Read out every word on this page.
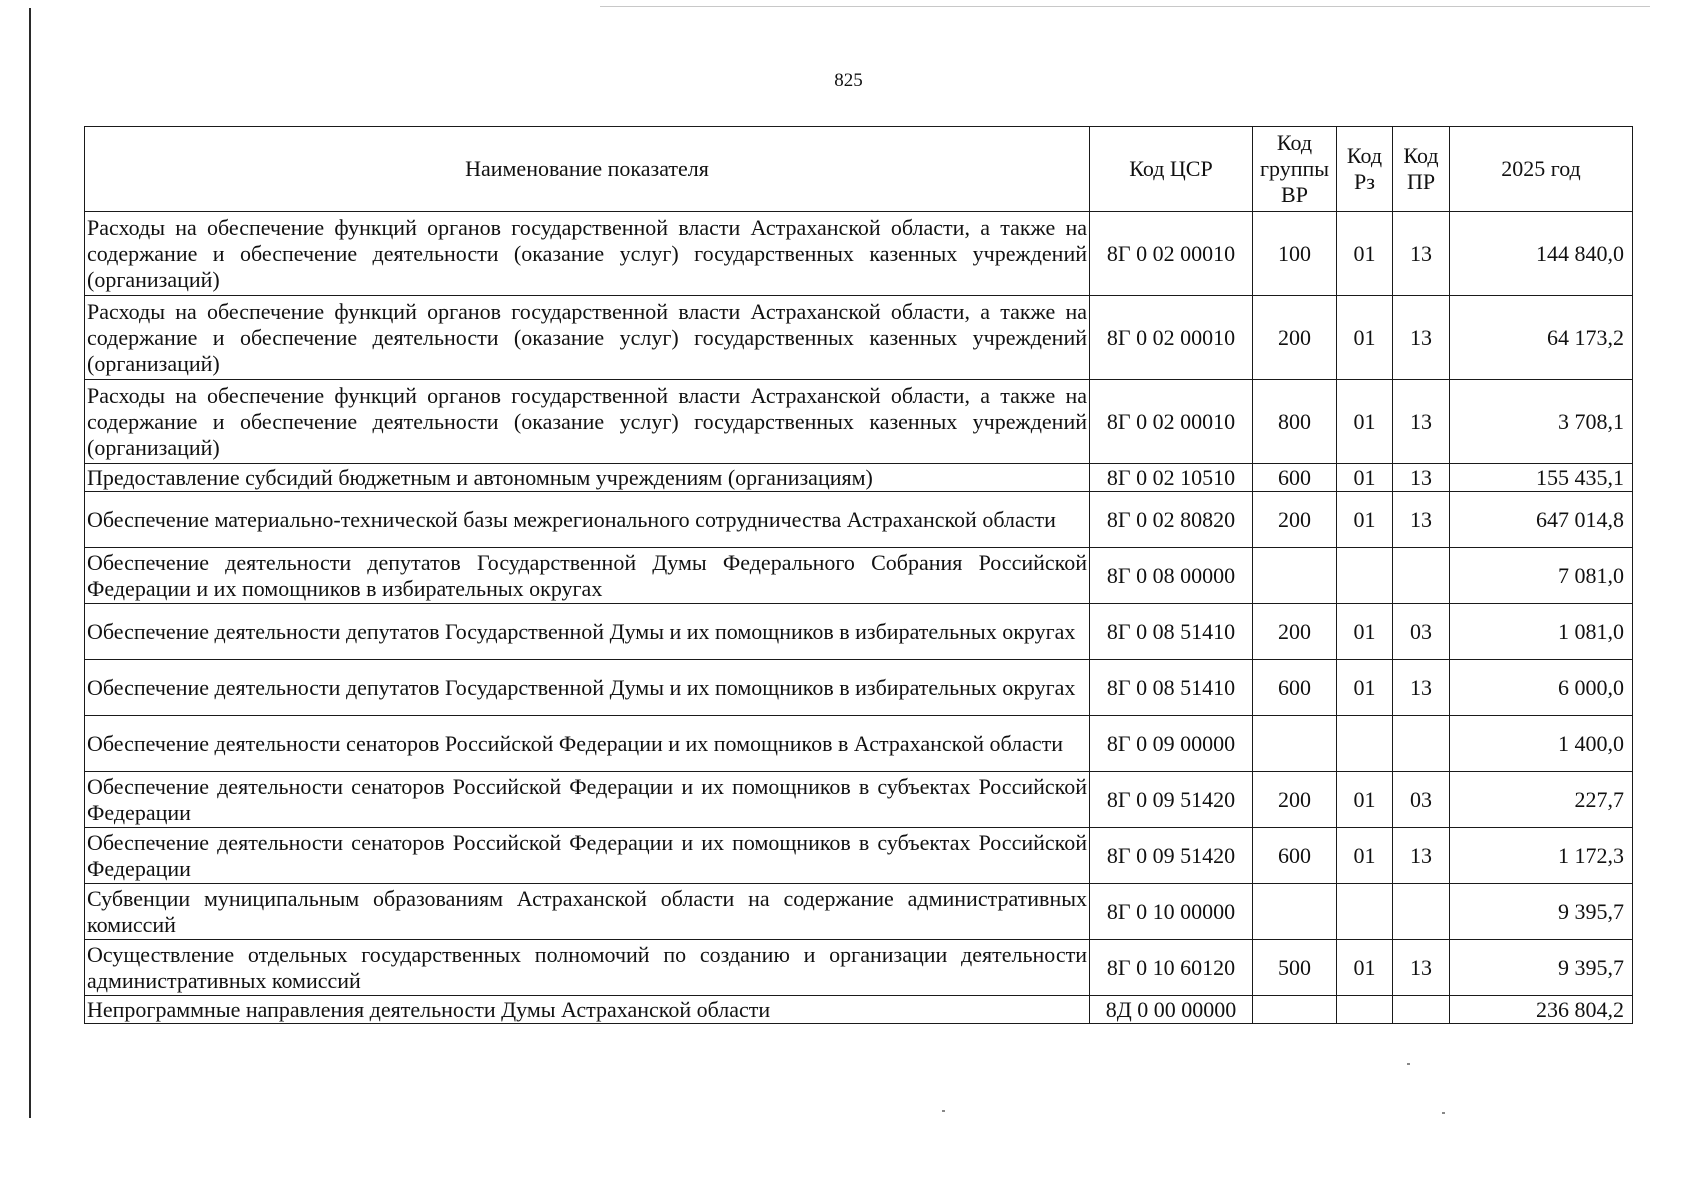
825
Наименование показателя	Код ЦСР	Код группы ВР	Код Рз	Код ПР	2025 год
Расходы на обеспечение функций органов государственной власти Астраханской области, а также на содержание и обеспечение деятельности (оказание услуг) государственных казенных учреждений (организаций)	8Г 0 02 00010	100	01	13	144 840,0
Расходы на обеспечение функций органов государственной власти Астраханской области, а также на содержание и обеспечение деятельности (оказание услуг) государственных казенных учреждений (организаций)	8Г 0 02 00010	200	01	13	64 173,2
Расходы на обеспечение функций органов государственной власти Астраханской области, а также на содержание и обеспечение деятельности (оказание услуг) государственных казенных учреждений (организаций)	8Г 0 02 00010	800	01	13	3 708,1
Предоставление субсидий бюджетным и автономным учреждениям (организациям)	8Г 0 02 10510	600	01	13	155 435,1
Обеспечение материально-технической базы межрегионального сотрудничества Астраханской области	8Г 0 02 80820	200	01	13	647 014,8
Обеспечение деятельности депутатов Государственной Думы Федерального Собрания Российской Федерации и их помощников в избирательных округах	8Г 0 08 00000				7 081,0
Обеспечение деятельности депутатов Государственной Думы и их помощников в избирательных округах	8Г 0 08 51410	200	01	03	1 081,0
Обеспечение деятельности депутатов Государственной Думы и их помощников в избирательных округах	8Г 0 08 51410	600	01	13	6 000,0
Обеспечение деятельности сенаторов Российской Федерации и их помощников в Астраханской области	8Г 0 09 00000				1 400,0
Обеспечение деятельности сенаторов Российской Федерации и их помощников в субъектах Российской Федерации	8Г 0 09 51420	200	01	03	227,7
Обеспечение деятельности сенаторов Российской Федерации и их помощников в субъектах Российской Федерации	8Г 0 09 51420	600	01	13	1 172,3
Субвенции муниципальным образованиям Астраханской области на содержание административных комиссий	8Г 0 10 00000				9 395,7
Осуществление отдельных государственных полномочий по созданию и организации деятельности административных комиссий	8Г 0 10 60120	500	01	13	9 395,7
Непрограммные направления деятельности Думы Астраханской области	8Д 0 00 00000				236 804,2
